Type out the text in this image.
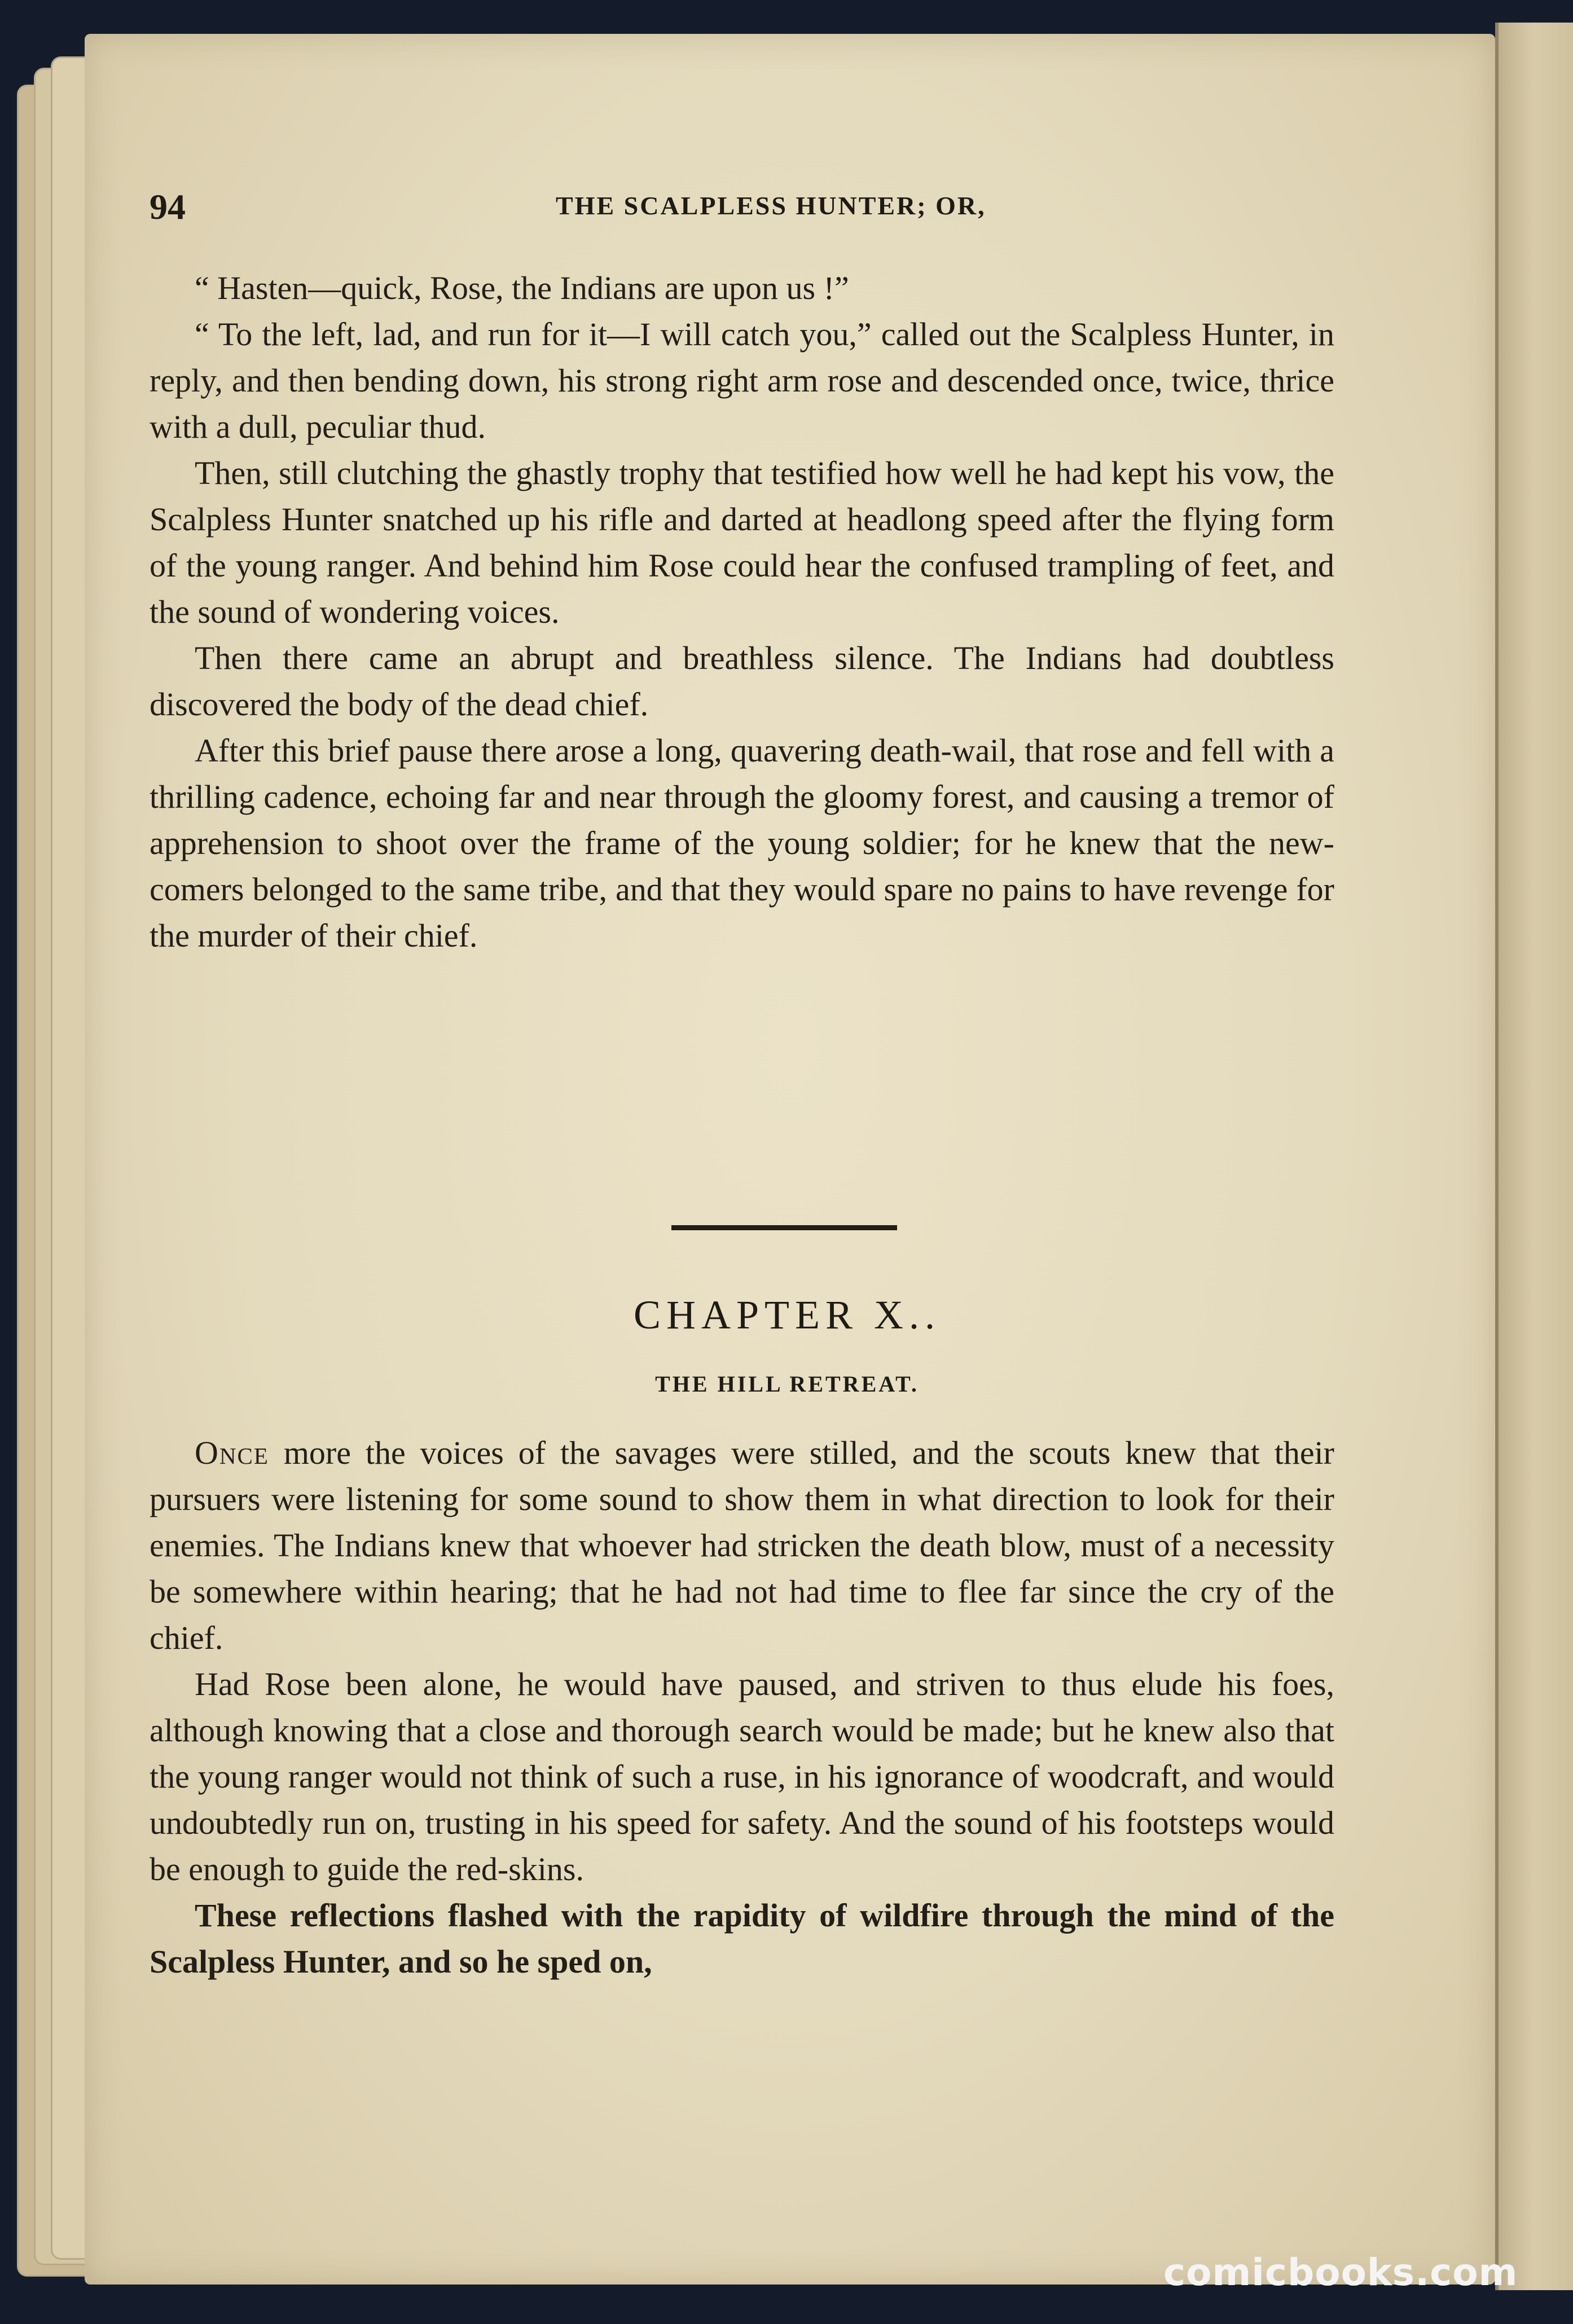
94	THE SCALPLESS HUNTER; OR,

“ Hasten—quick, Rose, the Indians are upon us !”

“ To the left, lad, and run for it—I will catch you,” called out the Scalpless Hunter, in reply, and then bending down, his strong right arm rose and descended once, twice, thrice with a dull, peculiar thud.

Then, still clutching the ghastly trophy that testified how well he had kept his vow, the Scalpless Hunter snatched up his rifle and darted at headlong speed after the flying form of the young ranger. And behind him Rose could hear the confused trampling of feet, and the sound of wondering voices.

Then there came an abrupt and breathless silence. The Indians had doubtless discovered the body of the dead chief.

After this brief pause there arose a long, quavering death-wail, that rose and fell with a thrilling cadence, echoing far and near through the gloomy forest, and causing a tremor of apprehension to shoot over the frame of the young soldier; for he knew that the new-comers belonged to the same tribe, and that they would spare no pains to have revenge for the murder of their chief.

CHAPTER X..
THE HILL RETREAT.

Once more the voices of the savages were stilled, and the scouts knew that their pursuers were listening for some sound to show them in what direction to look for their enemies. The Indians knew that whoever had stricken the death blow, must of a necessity be somewhere within hearing; that he had not had time to flee far since the cry of the chief.

Had Rose been alone, he would have paused, and striven to thus elude his foes, although knowing that a close and thorough search would be made; but he knew also that the young ranger would not think of such a ruse, in his ignorance of woodcraft, and would undoubtedly run on, trusting in his speed for safety. And the sound of his footsteps would be enough to guide the red-skins.

These reflections flashed with the rapidity of wildfire through the mind of the Scalpless Hunter, and so he sped on,

comicbooks.com
